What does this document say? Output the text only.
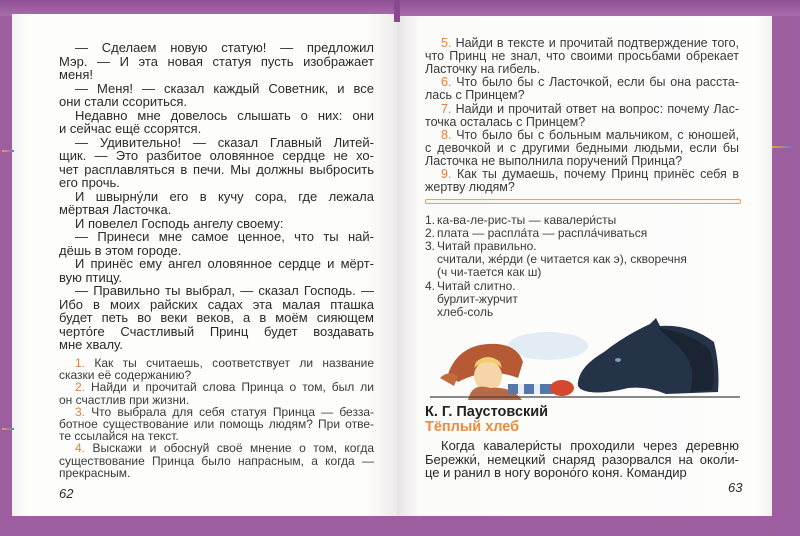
— Сделаем новую статую! — предложил
Мэр. — И эта новая статуя пусть изображает
меня!
— Меня! — сказал каждый Советник, и все
они стали ссориться.
Недавно мне довелось слышать о них: они
и сейчас ещё ссорятся.
— Удивительно! — сказал Главный Литей-
щик. — Это разбитое оловянное сердце не хо-
чет расплавляться в печи. Мы должны выбросить
его прочь.
И швырну́ли его в кучу сора, где лежала
мёртвая Ласточка.
И повелел Господь ангелу своему:
— Принеси мне самое ценное, что ты най-
дёшь в этом городе.
И принёс ему ангел оловянное сердце и мёрт-
вую птицу.
— Правильно ты выбрал, — сказал Господь. —
Ибо в моих райских садах эта малая пташка
будет петь во веки веков, а в моём сияющем
черто́ге Счастливый Принц будет воздавать
мне хвалу.
1. Как ты считаешь, соответствует ли название
сказки её содержанию?
2. Найди и прочитай слова Принца о том, был ли
он счастлив при жизни.
3. Что выбрала для себя статуя Принца — безза-
ботное существование или помощь людям? При отве-
те ссылайся на текст.
4. Выскажи и обоснуй своё мнение о том, когда
существование Принца было напрасным, а когда —
прекрасным.
62
5. Найди в тексте и прочитай подтверждение того,
что Принц не знал, что своими просьбами обрекает
Ласточку на гибель.
6. Что было бы с Ласточкой, если бы она расста-
лась с Принцем?
7. Найди и прочитай ответ на вопрос: почему Лас-
точка осталась с Принцем?
8. Что было бы с больным мальчиком, с юношей,
с девочкой и с другими бедными людьми, если бы
Ласточка не выполнила поручений Принца?
9. Как ты думаешь, почему Принц принёс себя в
жертву людям?
1. ка-ва-ле-рис-ты — кавалери́сты
2. плата — распла́та — распла́чиваться
3. Читай правильно.
считали, же́рди (е читается как э), скворечня
(ч чи-тается как ш)
4. Читай слитно.
бурлит-журчит
хлеб-соль
К. Г. Паустовский
Тёплый хлеб
Когда кавалери́сты проходили через деревню
Бережки́, немецкий снаряд разорвался на окол́и-
це и ранил в ногу вороно́го коня. Командир
63
